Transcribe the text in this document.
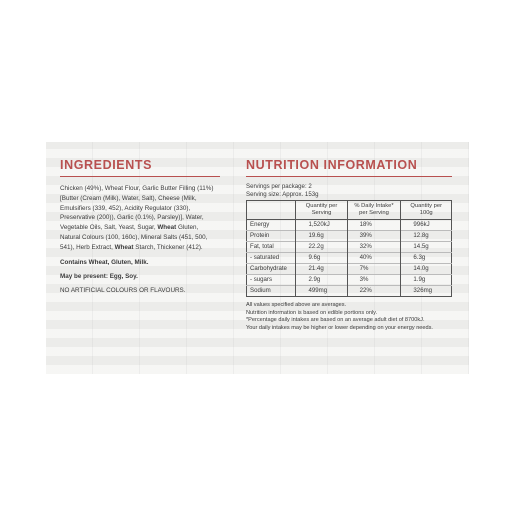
INGREDIENTS
Chicken (49%), Wheat Flour, Garlic Butter Filling (11%) [Butter (Cream (Milk), Water, Salt), Cheese (Milk, Emulsifiers (339, 452), Acidity Regulator (330), Preservative (200)), Garlic (0.1%), Parsley)], Water, Vegetable Oils, Salt, Yeast, Sugar, Wheat Gluten, Natural Colours (100, 160c), Mineral Salts (451, 500, 541), Herb Extract, Wheat Starch, Thickener (412).
Contains Wheat, Gluten, Milk.
May be present: Egg, Soy.
NO ARTIFICIAL COLOURS OR FLAVOURS.
NUTRITION INFORMATION
Servings per package: 2
Serving size: Approx. 153g
	Quantity per Serving	% Daily Intake* per Serving	Quantity per 100g
Energy	1,520kJ	18%	996kJ
Protein	19.6g	39%	12.8g
Fat, total	22.2g	32%	14.5g
- saturated	9.6g	40%	6.3g
Carbohydrate	21.4g	7%	14.0g
- sugars	2.9g	3%	1.9g
Sodium	499mg	22%	326mg
All values specified above are averages.
Nutrition information is based on edible portions only.
*Percentage daily intakes are based on an average adult diet of 8700kJ.
Your daily intakes may be higher or lower depending on your energy needs.
